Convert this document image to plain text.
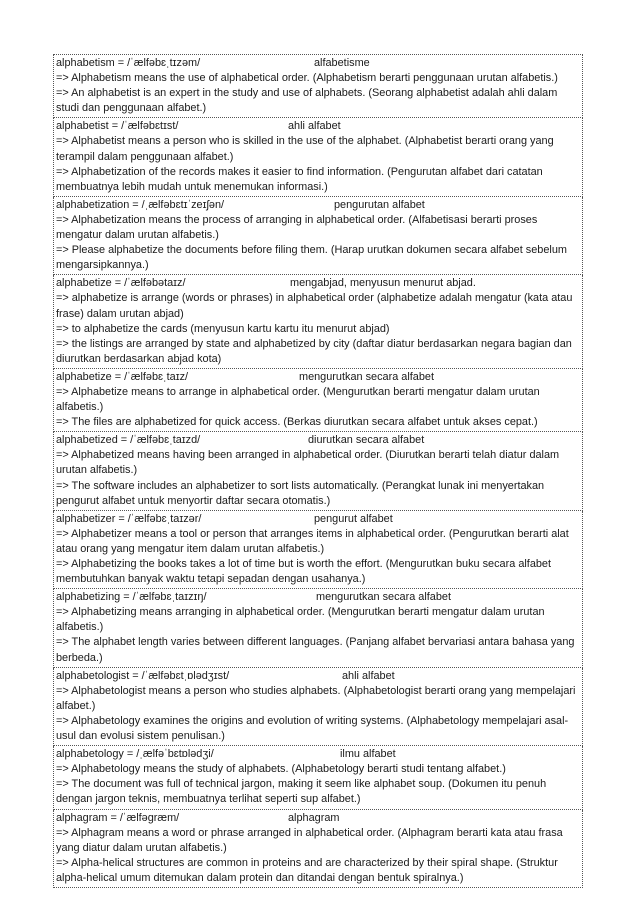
alphabetism = /ˈælfəbɛˌtɪzəm/	alfabetisme
=> Alphabetism means the use of alphabetical order. (Alphabetism berarti penggunaan urutan alfabetis.)
=> An alphabetist is an expert in the study and use of alphabets. (Seorang alphabetist adalah ahli dalam studi dan penggunaan alfabet.)
alphabetist = /ˈælfəbɛtɪst/	ahli alfabet
=> Alphabetist means a person who is skilled in the use of the alphabet. (Alphabetist berarti orang yang terampil dalam penggunaan alfabet.)
=> Alphabetization of the records makes it easier to find information. (Pengurutan alfabet dari catatan membuatnya lebih mudah untuk menemukan informasi.)
alphabetization = /ˌælfəbɛtɪˈzeɪʃən/	pengurutan alfabet
=> Alphabetization means the process of arranging in alphabetical order. (Alfabetisasi berarti proses mengatur dalam urutan alfabetis.)
=> Please alphabetize the documents before filing them. (Harap urutkan dokumen secara alfabet sebelum mengarsipkannya.)
alphabetize = /ˈælfəbətaɪz/	mengabjad, menyusun menurut abjad.
=> alphabetize is arrange (words or phrases) in alphabetical order (alphabetize adalah mengatur (kata atau frase) dalam urutan abjad)
=> to alphabetize the cards (menyusun kartu kartu itu menurut abjad)
=> the listings are arranged by state and alphabetized by city (daftar diatur berdasarkan negara bagian dan diurutkan berdasarkan abjad kota)
alphabetize = /ˈælfəbɛˌtaɪz/	mengurutkan secara alfabet
=> Alphabetize means to arrange in alphabetical order. (Mengurutkan berarti mengatur dalam urutan alfabetis.)
=> The files are alphabetized for quick access. (Berkas diurutkan secara alfabet untuk akses cepat.)
alphabetized = /ˈælfəbɛˌtaɪzd/	diurutkan secara alfabet
=> Alphabetized means having been arranged in alphabetical order. (Diurutkan berarti telah diatur dalam urutan alfabetis.)
=> The software includes an alphabetizer to sort lists automatically. (Perangkat lunak ini menyertakan pengurut alfabet untuk menyortir daftar secara otomatis.)
alphabetizer = /ˈælfəbɛˌtaɪzər/	pengurut alfabet
=> Alphabetizer means a tool or person that arranges items in alphabetical order. (Pengurutkan berarti alat atau orang yang mengatur item dalam urutan alfabetis.)
=> Alphabetizing the books takes a lot of time but is worth the effort. (Mengurutkan buku secara alfabet membutuhkan banyak waktu tetapi sepadan dengan usahanya.)
alphabetizing = /ˈælfəbɛˌtaɪzɪŋ/	mengurutkan secara alfabet
=> Alphabetizing means arranging in alphabetical order. (Mengurutkan berarti mengatur dalam urutan alfabetis.)
=> The alphabet length varies between different languages. (Panjang alfabet bervariasi antara bahasa yang berbeda.)
alphabetologist = /ˈælfəbɛtˌɒlədʒɪst/	ahli alfabet
=> Alphabetologist means a person who studies alphabets. (Alphabetologist berarti orang yang mempelajari alfabet.)
=> Alphabetology examines the origins and evolution of writing systems. (Alphabetology mempelajari asal-usul dan evolusi sistem penulisan.)
alphabetology = /ˌælfəˈbɛtɒlədʒi/	ilmu alfabet
=> Alphabetology means the study of alphabets. (Alphabetology berarti studi tentang alfabet.)
=> The document was full of technical jargon, making it seem like alphabet soup. (Dokumen itu penuh dengan jargon teknis, membuatnya terlihat seperti sup alfabet.)
alphagram = /ˈælfəgræm/	alphagram
=> Alphagram means a word or phrase arranged in alphabetical order. (Alphagram berarti kata atau frasa yang diatur dalam urutan alfabetis.)
=> Alpha-helical structures are common in proteins and are characterized by their spiral shape. (Struktur alpha-helical umum ditemukan dalam protein dan ditandai dengan bentuk spiralnya.)
